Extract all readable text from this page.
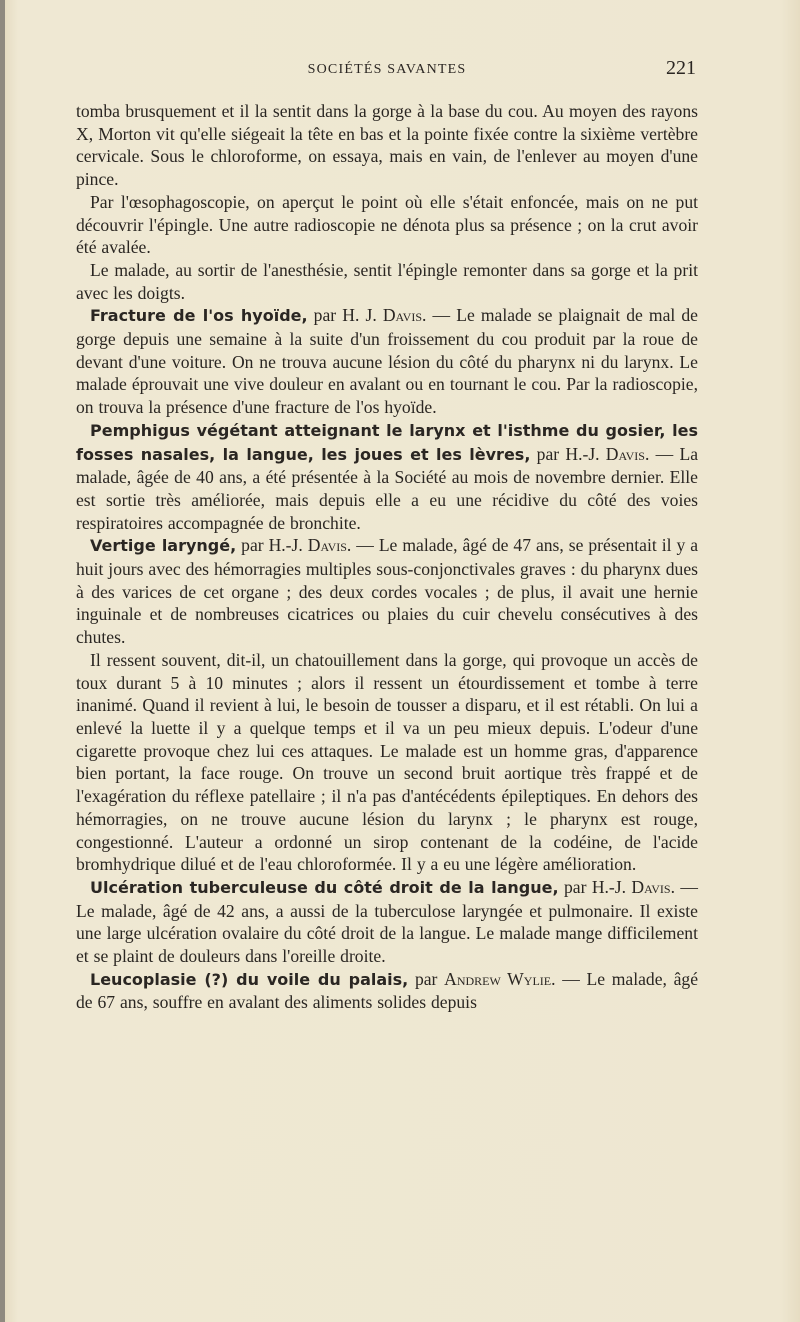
SOCIÉTÉS SAVANTES	221

tomba brusquement et il la sentit dans la gorge à la base du cou. Au moyen des rayons X, Morton vit qu'elle siégeait la tête en bas et la pointe fixée contre la sixième vertèbre cervicale. Sous le chloroforme, on essaya, mais en vain, de l'enlever au moyen d'une pince.

Par l'œsophagoscopie, on aperçut le point où elle s'était enfoncée, mais on ne put découvrir l'épingle. Une autre radioscopie ne dénota plus sa présence ; on la crut avoir été avalée.

Le malade, au sortir de l'anesthésie, sentit l'épingle remonter dans sa gorge et la prit avec les doigts.

Fracture de l'os hyoïde, par H. J. Davis. — Le malade se plaignait de mal de gorge depuis une semaine à la suite d'un froissement du cou produit par la roue de devant d'une voiture. On ne trouva aucune lésion du côté du pharynx ni du larynx. Le malade éprouvait une vive douleur en avalant ou en tournant le cou. Par la radioscopie, on trouva la présence d'une fracture de l'os hyoïde.

Pemphigus végétant atteignant le larynx et l'isthme du gosier, les fosses nasales, la langue, les joues et les lèvres, par H.-J. Davis. — La malade, âgée de 40 ans, a été présentée à la Société au mois de novembre dernier. Elle est sortie très améliorée, mais depuis elle a eu une récidive du côté des voies respiratoires accompagnée de bronchite.

Vertige laryngé, par H.-J. Davis. — Le malade, âgé de 47 ans, se présentait il y a huit jours avec des hémorragies multiples sous-conjonctivales graves : du pharynx dues à des varices de cet organe ; des deux cordes vocales ; de plus, il avait une hernie inguinale et de nombreuses cicatrices ou plaies du cuir chevelu consécutives à des chutes.

Il ressent souvent, dit-il, un chatouillement dans la gorge, qui provoque un accès de toux durant 5 à 10 minutes ; alors il ressent un étourdissement et tombe à terre inanimé. Quand il revient à lui, le besoin de tousser a disparu, et il est rétabli. On lui a enlevé la luette il y a quelque temps et il va un peu mieux depuis. L'odeur d'une cigarette provoque chez lui ces attaques. Le malade est un homme gras, d'apparence bien portant, la face rouge. On trouve un second bruit aortique très frappé et de l'exagération du réflexe patellaire ; il n'a pas d'antécédents épileptiques. En dehors des hémorragies, on ne trouve aucune lésion du larynx ; le pharynx est rouge, congestionné. L'auteur a ordonné un sirop contenant de la codéine, de l'acide bromhydrique dilué et de l'eau chloroformée. Il y a eu une légère amélioration.

Ulcération tuberculeuse du côté droit de la langue, par H.-J. Davis. — Le malade, âgé de 42 ans, a aussi de la tuberculose laryngée et pulmonaire. Il existe une large ulcération ovalaire du côté droit de la langue. Le malade mange difficilement et se plaint de douleurs dans l'oreille droite.

Leucoplasie (?) du voile du palais, par Andrew Wylie. — Le malade, âgé de 67 ans, souffre en avalant des aliments solides depuis
